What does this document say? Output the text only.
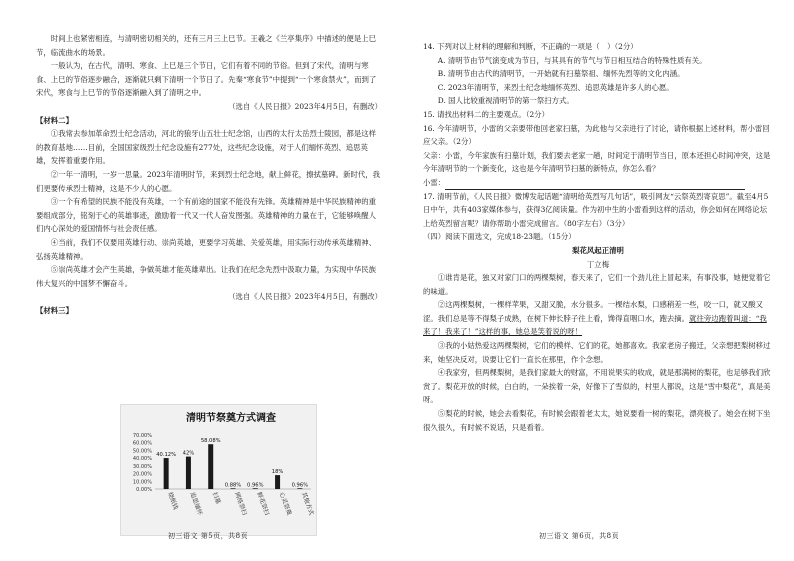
时间上也紧密相连，与清明密切相关的，还有三月三上巳节。王羲之《兰亭集序》中描述的便是上巳节，临流曲水的场景。

一般认为，在古代，清明、寒食、上巳是三个节日，它们有着不同的节俗。但到了宋代，清明与寒食、上巳的节俗逐步融合，逐渐就只剩下清明一个节日了。先秦“寒食节”中提到“一个寒食禁火”，而到了宋代，寒食与上巳节的节俗逐渐融入到了清明之中。

（选自《人民日报》2023年4月5日，有删改）

【材料二】

①我常去参加革命烈士纪念活动，河北的狼牙山五壮士纪念馆，山西的太行太岳烈士陵园，都是这样的教育基地……目前，全国国家级烈士纪念设施有277处，这些纪念设施，对于人们缅怀英烈、追思英雄，发挥着重要作用。

②一年一清明，一岁一思量。2023年清明时节，来到烈士纪念地，献上鲜花，擦拭墓碑。新时代，我们更要传承烈士精神，这是不少人的心愿。

③一个有希望的民族不能没有英雄，一个有前途的国家不能没有先锋。英雄精神是中华民族精神的重要组成部分，铭刻于心的英雄事迹，激励着一代又一代人奋发图强。英雄精神的力量在于，它能够唤醒人们内心深处的爱国情怀与社会责任感。

④当前，我们不仅要用英雄行动、崇尚英雄，更要学习英雄、关爱英雄，用实际行动传承英雄精神、弘扬英雄精神。

⑤崇尚英雄才会产生英雄，争做英雄才能英雄辈出。让我们在纪念先烈中汲取力量，为实现中华民族伟大复兴的中国梦不懈奋斗。

（选自《人民日报》2023年4月5日，有删改）

【材料三】

清明节祭奠方式调查
70.00%
60.00%
50.00%
40.00%
30.00%
20.00%
10.00%
0.00%
40.12%
烧纸钱
42%
追思缅怀
58.08%
扫墓
0.88%
网络祭扫
0.96%
鲜花祭扫
18%
心灵祭奠
0.96%
其他方式
初三语文 第5页，共8页

14. 下列对以上材料的理解和判断，不正确的一项是（　）（2分）

A. 清明节由节气演变成为节日，与其具有的节气与节日相互结合的特殊性质有关。

B. 清明节由古代的清明节，一开始就有扫墓祭祖、缅怀先烈等的文化内涵。

C. 2023年清明节，来烈士纪念地缅怀英烈、追思英雄是许多人的心愿。

D. 国人比较重视清明节的第一祭扫方式。

15. 请找出材料二的主要观点。（2分）

16. 今年清明节，小雷的父亲要带他回老家扫墓，为此他与父亲进行了讨论，请你根据上述材料，帮小雷回应父亲。（2分）

父亲：小雷，今年家族有扫墓计划，我们要去老家一趟，时间定于清明节当日，原本还担心时间冲突，这是今年清明节的一个新变化，这也是今年清明节扫墓的新特点，你怎么看？

小雷：

17. 清明节前，《人民日报》微博发起话题“清明给英烈写几句话”，吸引网友“云祭英烈寄哀思”。截至4月5日中午，共有403家媒体参与，获得3亿阅读量。作为初中生的小雷看到这样的活动，你会如何在网络论坛上给英烈留言呢？请你帮助小雷完成留言。（80字左右）（3分）

（四）阅读下面选文，完成18-23题。（15分）

梨花风起正清明

丁立梅

①谁肯是花，独又对家门口的两棵梨树，春天来了，它们一个劲儿往上冒起来，有事没事，她便觉着它的味道。

②这两棵梨树，一棵样苹果，又甜又脆，水分很多。一棵结水梨，口感稍差一些，咬一口，就又酸又涩。我们总是等不得梨子成熟，在树下伸长脖子往上看，馋得直咽口水，跑去摘。就往旁边跑着叫道：“我来了！我来了！”这样的事，她总是笑着说的呀！

③我的小姑热爱这两棵梨树，它们的模样、它们的花，她都喜欢。我家老房子搬迁，父亲想把梨树移过来，她坚决反对，说要让它们一直长在那里，作个念想。

④我家穷，但两棵梨树，是我们家最大的财富，不用说果实的收成，就是那满树的梨花，也足够我们欣赏了。梨花开放的时候，白白的，一朵挨着一朵，好像下了雪似的，村里人都说，这是“雪中梨花”，真是美呀。

⑤梨花的时候，她会去看梨花，有时候会跟着老太太，她说要看一树的梨花，漂亮极了。她会在树下坐很久很久，有时候不说话，只是看着。

初三语文 第6页，共8页
